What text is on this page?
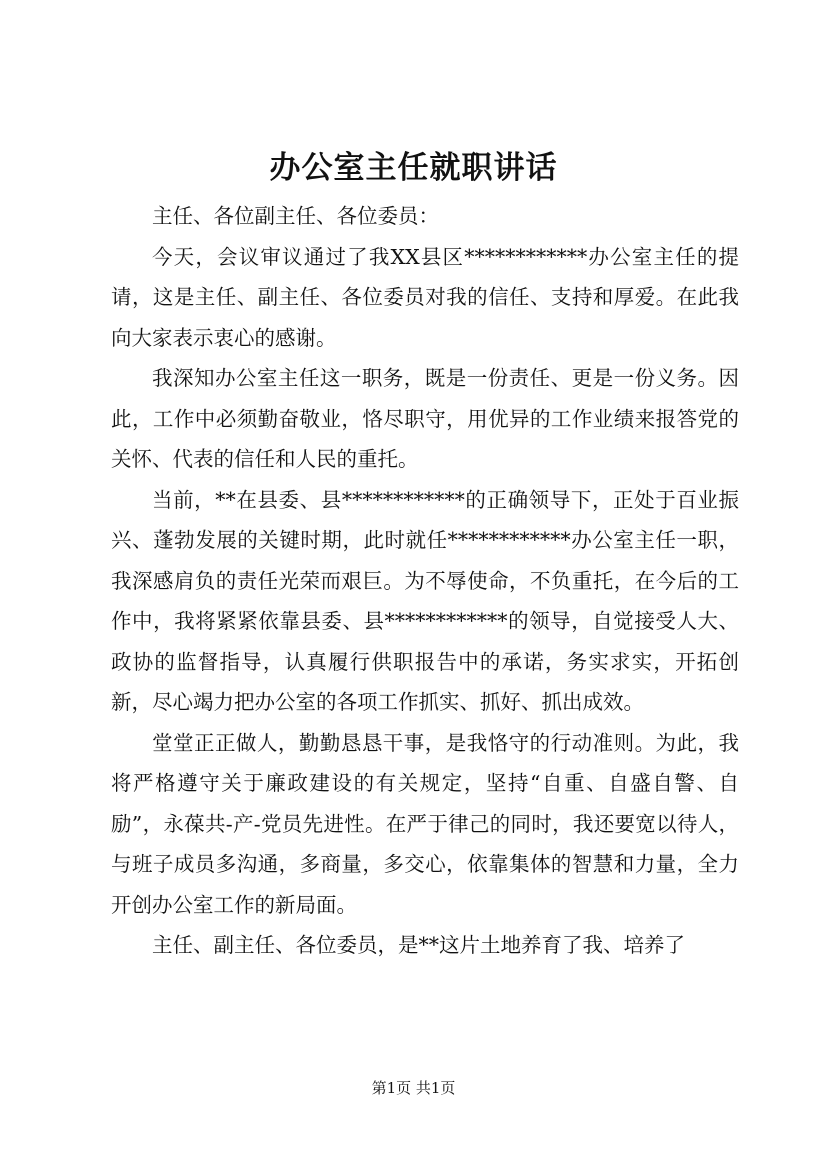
办公室主任就职讲话

主任、各位副主任、各位委员：

今天，会议审议通过了我XX县区************办公室主任的提请，这是主任、副主任、各位委员对我的信任、支持和厚爱。在此我向大家表示衷心的感谢。

我深知办公室主任这一职务，既是一份责任、更是一份义务。因此，工作中必须勤奋敬业，恪尽职守，用优异的工作业绩来报答党的关怀、代表的信任和人民的重托。

当前，**在县委、县************的正确领导下，正处于百业振兴、蓬勃发展的关键时期，此时就任************办公室主任一职，我深感肩负的责任光荣而艰巨。为不辱使命，不负重托，在今后的工作中，我将紧紧依靠县委、县************的领导，自觉接受人大、政协的监督指导，认真履行供职报告中的承诺，务实求实，开拓创新，尽心竭力把办公室的各项工作抓实、抓好、抓出成效。

堂堂正正做人，勤勤恳恳干事，是我恪守的行动准则。为此，我将严格遵守关于廉政建设的有关规定，坚持“自重、自盛自警、自励”，永葆共-产-党员先进性。在严于律己的同时，我还要宽以待人，与班子成员多沟通，多商量，多交心，依靠集体的智慧和力量，全力开创办公室工作的新局面。

主任、副主任、各位委员，是**这片土地养育了我、培养了

第1页 共1页
